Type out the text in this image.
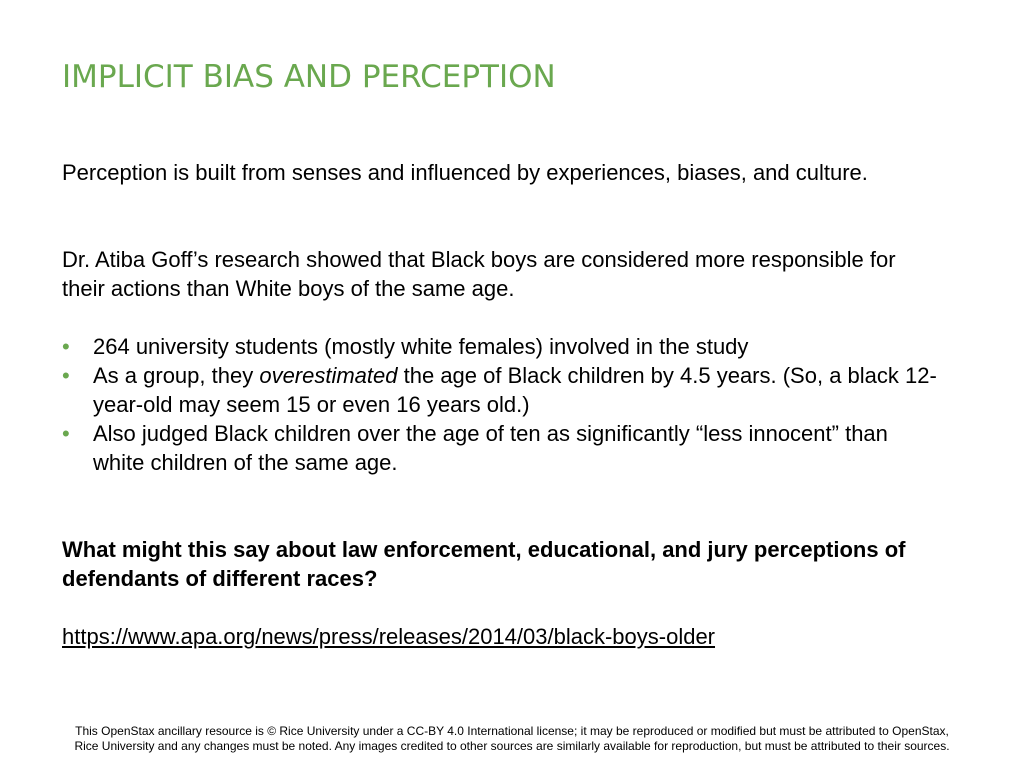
IMPLICIT BIAS AND PERCEPTION

Perception is built from senses and influenced by experiences, biases, and culture.

Dr. Atiba Goff’s research showed that Black boys are considered more responsible for their actions than White boys of the same age.

• 264 university students (mostly white females) involved in the study
• As a group, they overestimated the age of Black children by 4.5 years. (So, a black 12-year-old may seem 15 or even 16 years old.)
• Also judged Black children over the age of ten as significantly “less innocent” than white children of the same age.

What might this say about law enforcement, educational, and jury perceptions of defendants of different races?

https://www.apa.org/news/press/releases/2014/03/black-boys-older

This OpenStax ancillary resource is © Rice University under a CC-BY 4.0 International license; it may be reproduced or modified but must be attributed to OpenStax,
Rice University and any changes must be noted. Any images credited to other sources are similarly available for reproduction, but must be attributed to their sources.
